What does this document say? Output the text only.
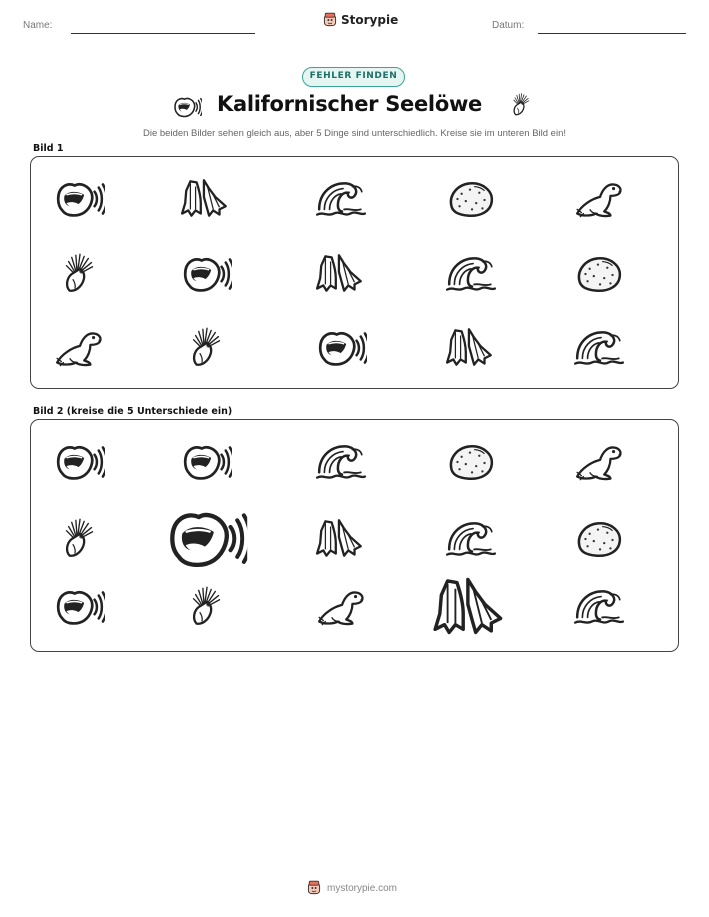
Name:	Storypie	Datum:
FEHLER FINDEN
Kalifornischer Seelöwe
Die beiden Bilder sehen gleich aus, aber 5 Dinge sind unterschiedlich. Kreise sie im unteren Bild ein!
Bild 1
Bild 2 (kreise die 5 Unterschiede ein)
mystorypie.com
